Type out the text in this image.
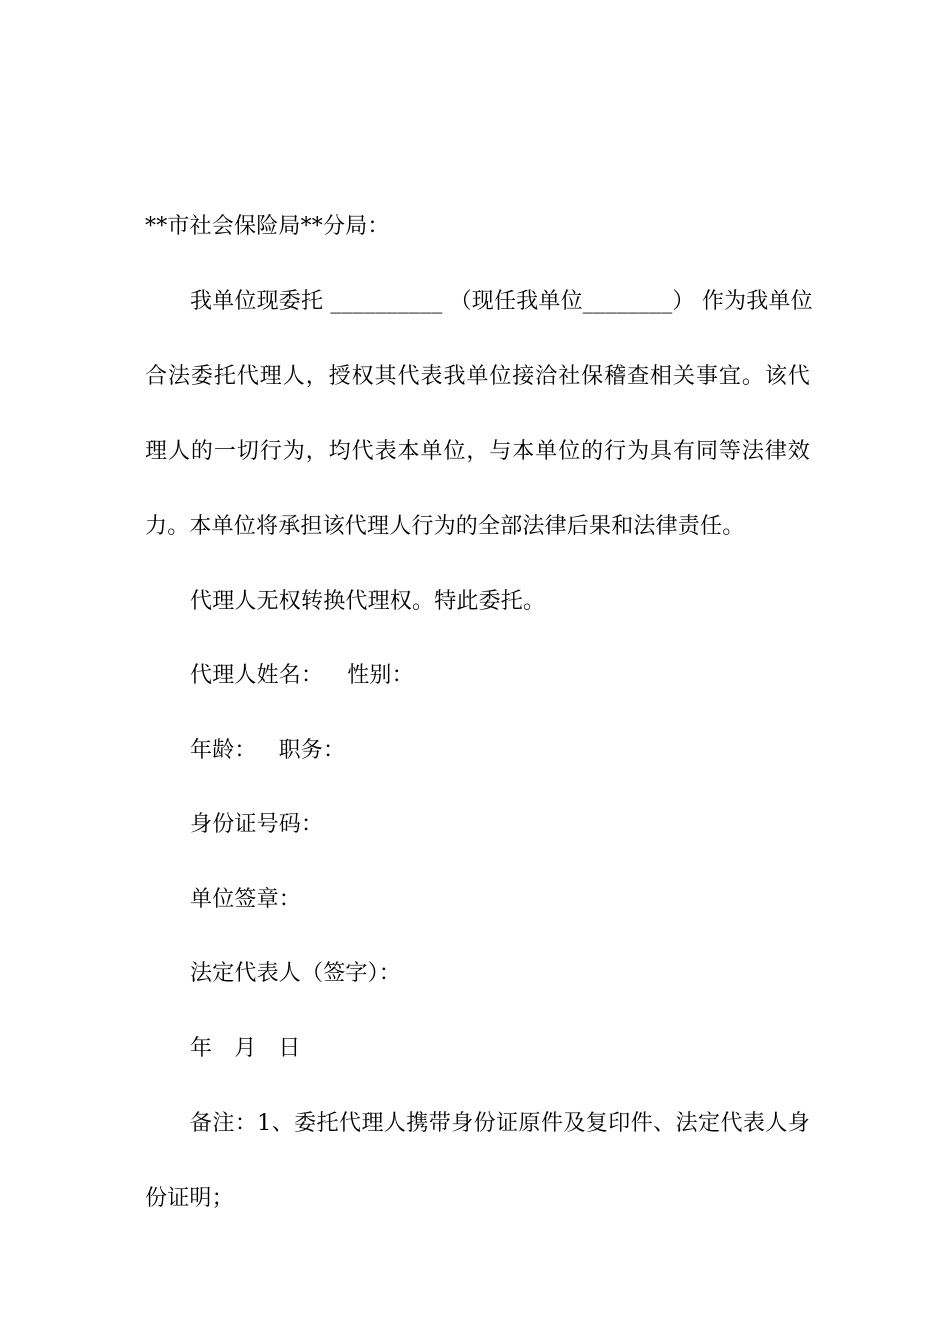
**市社会保险局**分局：
我单位现委托 __________ （现任我单位________） 作为我单位
合法委托代理人，授权其代表我单位接洽社保稽查相关事宜。该代
理人的一切行为，均代表本单位，与本单位的行为具有同等法律效
力。本单位将承担该代理人行为的全部法律后果和法律责任。
代理人无权转换代理权。特此委托。
代理人姓名： 性别：
年龄： 职务：
身份证号码：
单位签章：
法定代表人（签字）：
年 月 日
备注：1、委托代理人携带身份证原件及复印件、法定代表人身
份证明；
